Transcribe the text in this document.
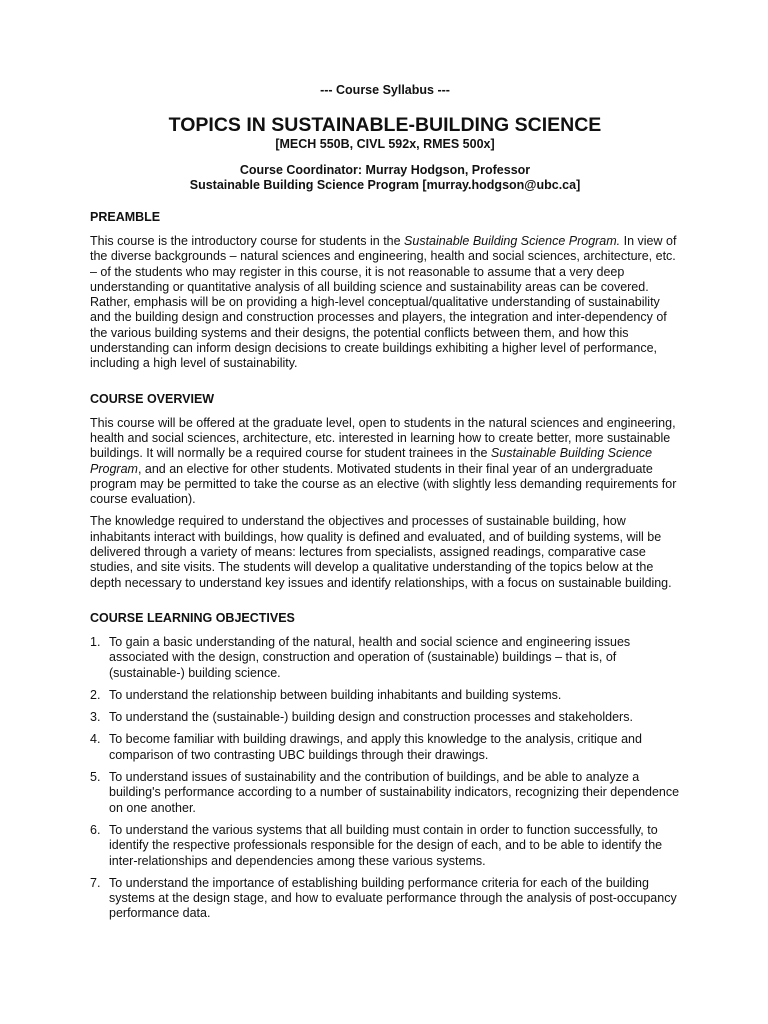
--- Course Syllabus ---
TOPICS IN SUSTAINABLE-BUILDING SCIENCE
[MECH 550B, CIVL 592x, RMES 500x]
Course Coordinator: Murray Hodgson, Professor
Sustainable Building Science Program [murray.hodgson@ubc.ca]
PREAMBLE

This course is the introductory course for students in the Sustainable Building Science Program. In view of the diverse backgrounds – natural sciences and engineering, health and social sciences, architecture, etc. – of the students who may register in this course, it is not reasonable to assume that a very deep understanding or quantitative analysis of all building science and sustainability areas can be covered. Rather, emphasis will be on providing a high-level conceptual/qualitative understanding of sustainability and the building design and construction processes and players, the integration and inter-dependency of the various building systems and their designs, the potential conflicts between them, and how this understanding can inform design decisions to create buildings exhibiting a higher level of performance, including a high level of sustainability.

COURSE OVERVIEW

This course will be offered at the graduate level, open to students in the natural sciences and engineering, health and social sciences, architecture, etc. interested in learning how to create better, more sustainable buildings. It will normally be a required course for student trainees in the Sustainable Building Science Program, and an elective for other students. Motivated students in their final year of an undergraduate program may be permitted to take the course as an elective (with slightly less demanding requirements for course evaluation).

The knowledge required to understand the objectives and processes of sustainable building, how inhabitants interact with buildings, how quality is defined and evaluated, and of building systems, will be delivered through a variety of means: lectures from specialists, assigned readings, comparative case studies, and site visits. The students will develop a qualitative understanding of the topics below at the depth necessary to understand key issues and identify relationships, with a focus on sustainable building.

COURSE LEARNING OBJECTIVES
1. To gain a basic understanding of the natural, health and social science and engineering issues associated with the design, construction and operation of (sustainable) buildings – that is, of (sustainable-) building science.
2. To understand the relationship between building inhabitants and building systems.
3. To understand the (sustainable-) building design and construction processes and stakeholders.
4. To become familiar with building drawings, and apply this knowledge to the analysis, critique and comparison of two contrasting UBC buildings through their drawings.
5. To understand issues of sustainability and the contribution of buildings, and be able to analyze a building's performance according to a number of sustainability indicators, recognizing their dependence on one another.
6. To understand the various systems that all building must contain in order to function successfully, to identify the respective professionals responsible for the design of each, and to be able to identify the inter-relationships and dependencies among these various systems.
7. To understand the importance of establishing building performance criteria for each of the building systems at the design stage, and how to evaluate performance through the analysis of post-occupancy performance data.
